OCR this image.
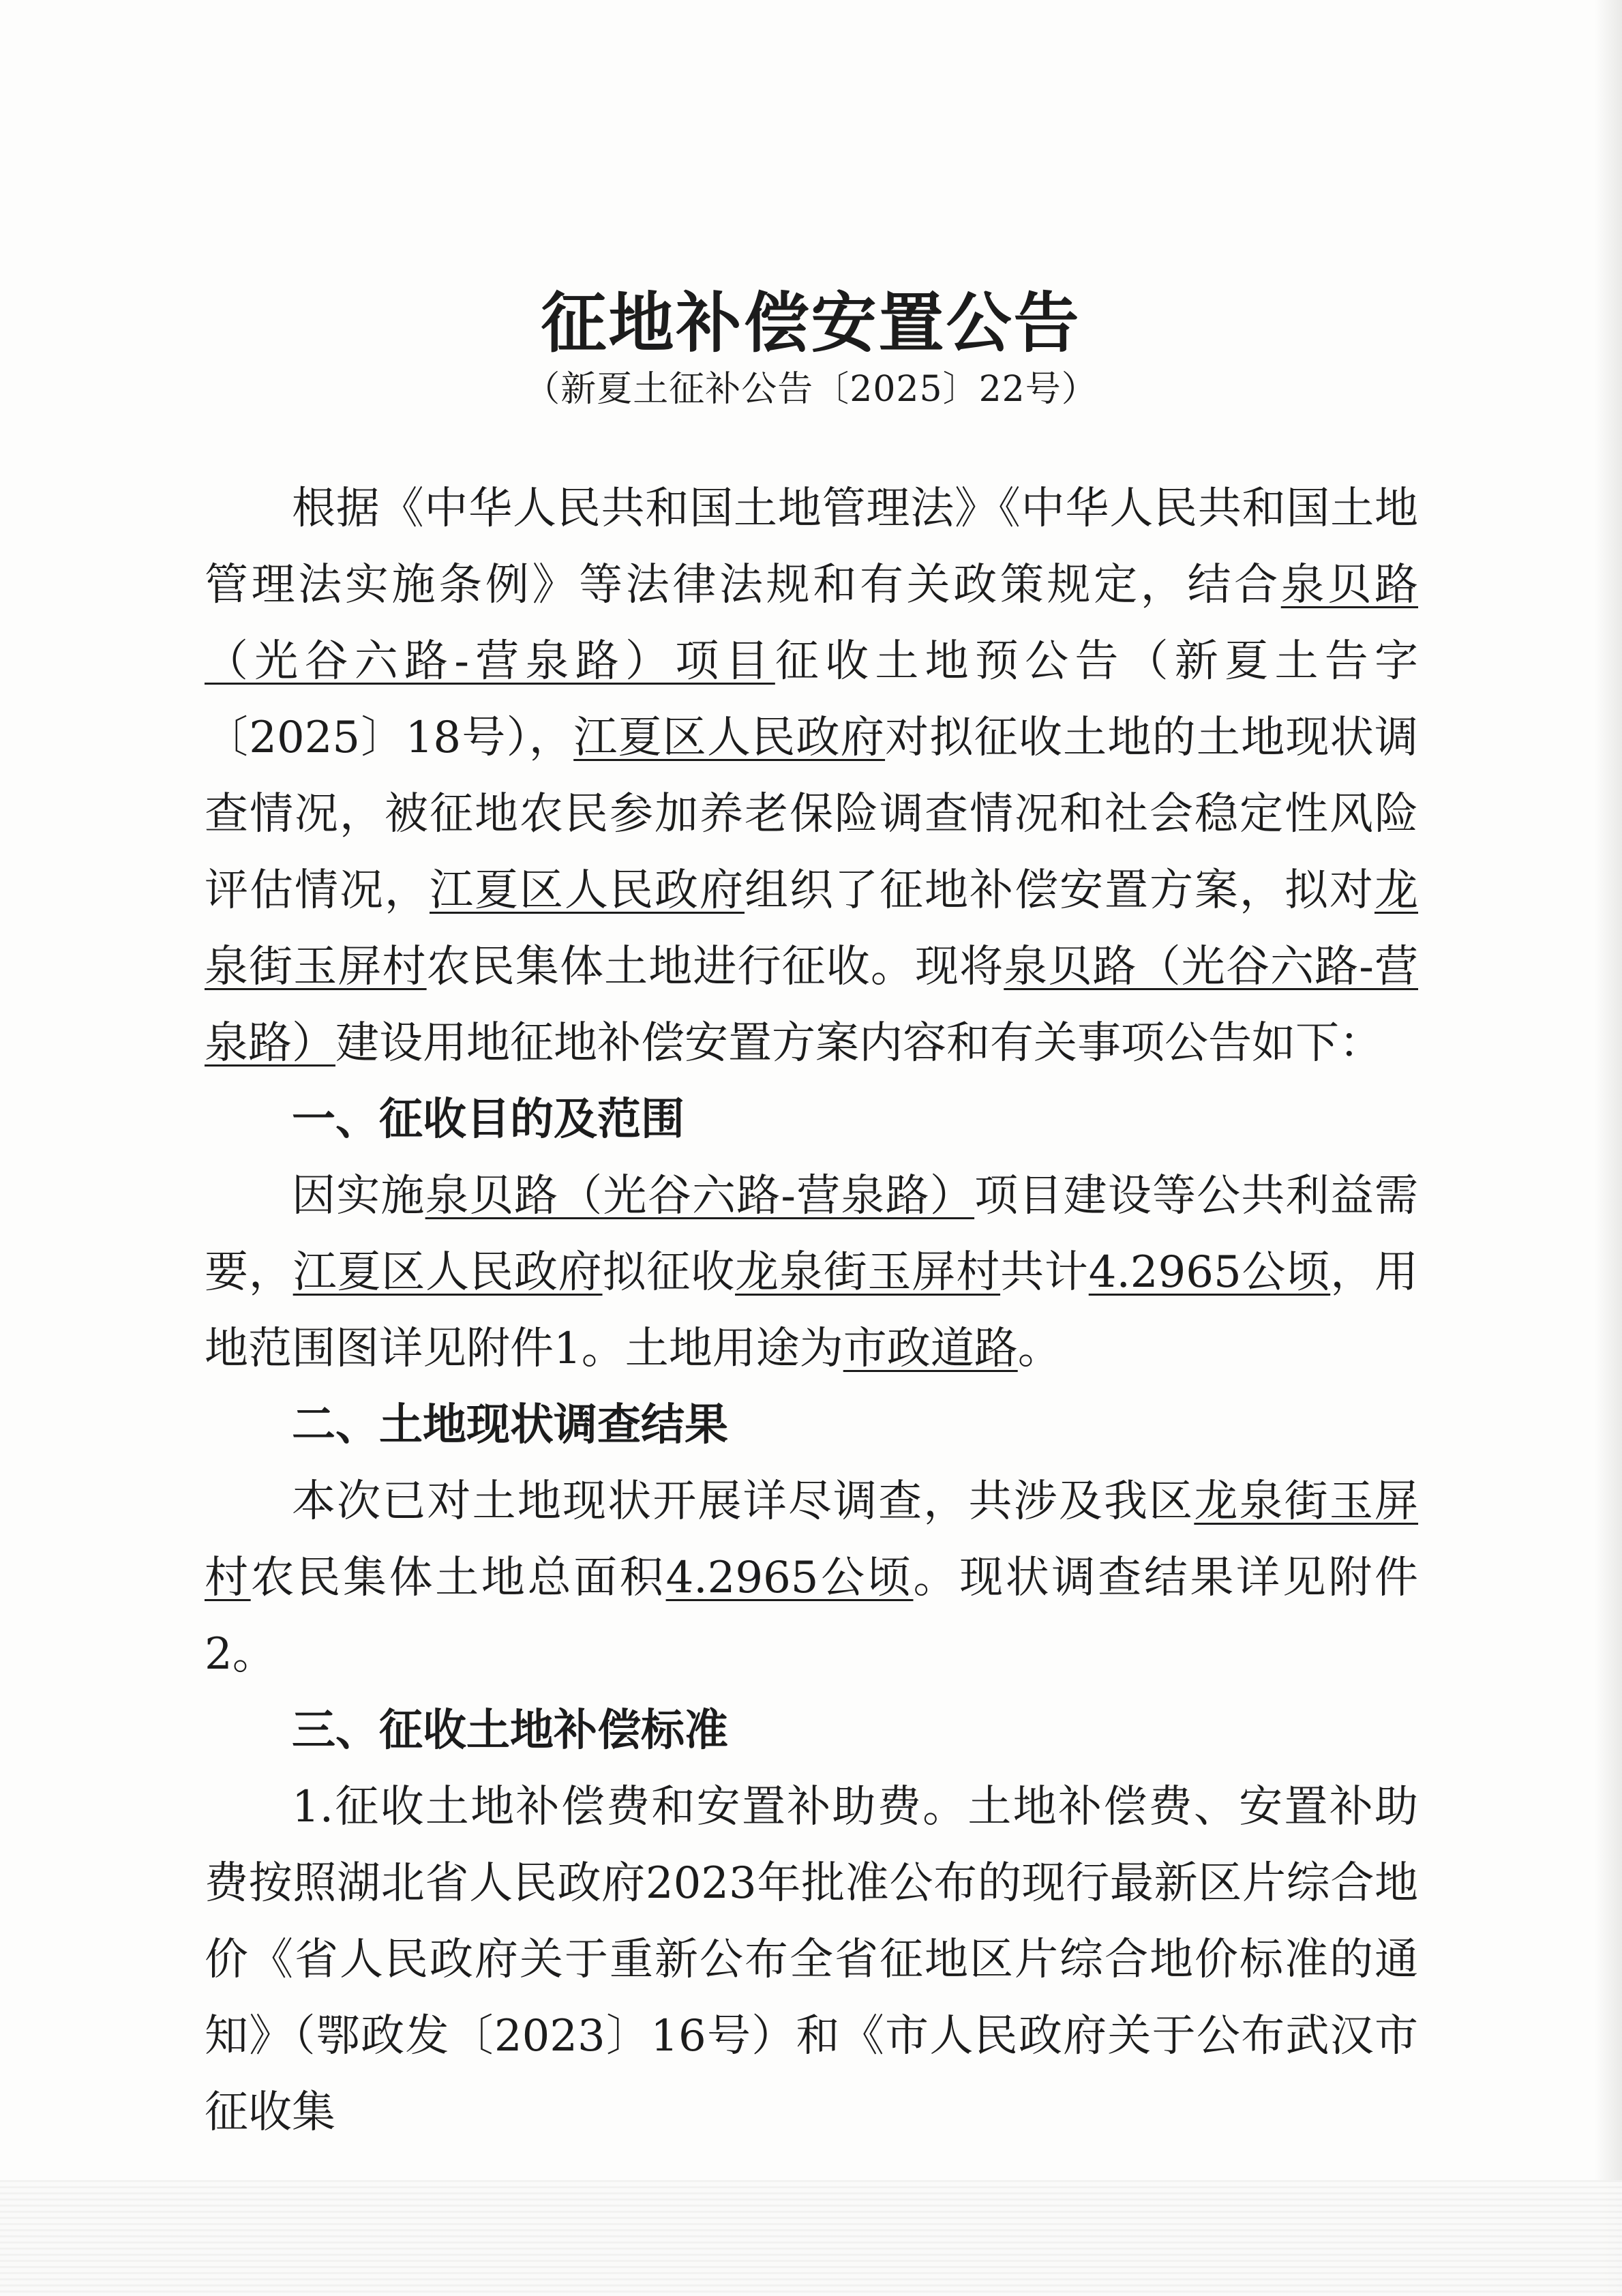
征地补偿安置公告
（新夏土征补公告〔2025〕22号）

根据《中华人民共和国土地管理法》《中华人民共和国土地管理法实施条例》等法律法规和有关政策规定，结合泉贝路（光谷六路-营泉路）项目征收土地预公告（新夏土告字〔2025〕18号），江夏区人民政府对拟征收土地的土地现状调查情况，被征地农民参加养老保险调查情况和社会稳定性风险评估情况，江夏区人民政府组织了征地补偿安置方案，拟对龙泉街玉屏村农民集体土地进行征收。现将泉贝路（光谷六路-营泉路）建设用地征地补偿安置方案内容和有关事项公告如下：

一、征收目的及范围

因实施泉贝路（光谷六路-营泉路）项目建设等公共利益需要，江夏区人民政府拟征收龙泉街玉屏村共计4.2965公顷，用地范围图详见附件1。土地用途为市政道路。

二、土地现状调查结果

本次已对土地现状开展详尽调查，共涉及我区龙泉街玉屏村农民集体土地总面积4.2965公顷。现状调查结果详见附件2。

三、征收土地补偿标准

1.征收土地补偿费和安置补助费。土地补偿费、安置补助费按照湖北省人民政府2023年批准公布的现行最新区片综合地价《省人民政府关于重新公布全省征地区片综合地价标准的通知》（鄂政发〔2023〕16号）和《市人民政府关于公布武汉市征收集
